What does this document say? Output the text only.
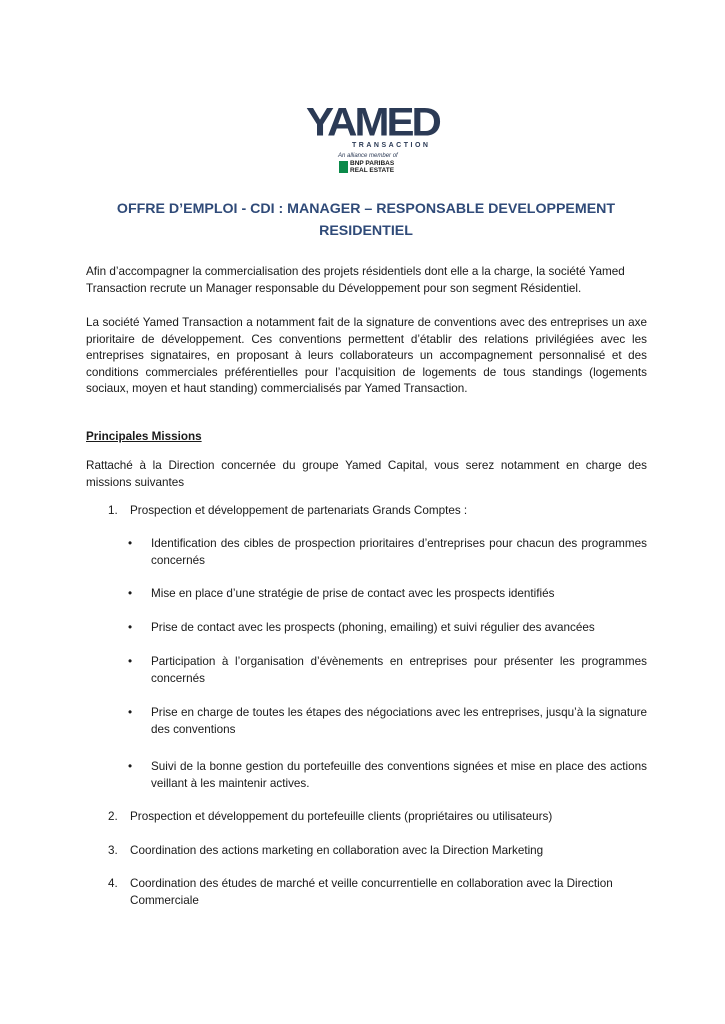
YAMED
TRANSACTION
An alliance member of
BNP PARIBAS
REAL ESTATE
OFFRE D’EMPLOI - CDI : MANAGER – RESPONSABLE DEVELOPPEMENT RESIDENTIEL

Afin d’accompagner la commercialisation des projets résidentiels dont elle a la charge, la société Yamed Transaction recrute un Manager responsable du Développement pour son segment Résidentiel.

La société Yamed Transaction a notamment fait de la signature de conventions avec des entreprises un axe prioritaire de développement. Ces conventions permettent d’établir des relations privilégiées avec les entreprises signataires, en proposant à leurs collaborateurs un accompagnement personnalisé et des conditions commerciales préférentielles pour l’acquisition de logements de tous standings (logements sociaux, moyen et haut standing) commercialisés par Yamed Transaction.

Principales Missions

Rattaché à la Direction concernée du groupe Yamed Capital, vous serez notamment en charge des missions suivantes

1. Prospection et développement de partenariats Grands Comptes :
• Identification des cibles de prospection prioritaires d’entreprises pour chacun des programmes concernés
• Mise en place d’une stratégie de prise de contact avec les prospects identifiés
• Prise de contact avec les prospects (phoning, emailing) et suivi régulier des avancées
• Participation à l’organisation d’évènements en entreprises pour présenter les programmes concernés
• Prise en charge de toutes les étapes des négociations avec les entreprises, jusqu’à la signature des conventions
• Suivi de la bonne gestion du portefeuille des conventions signées et mise en place des actions veillant à les maintenir actives.
2. Prospection et développement du portefeuille clients (propriétaires ou utilisateurs)
3. Coordination des actions marketing en collaboration avec la Direction Marketing
4. Coordination des études de marché et veille concurrentielle en collaboration avec la Direction Commerciale
